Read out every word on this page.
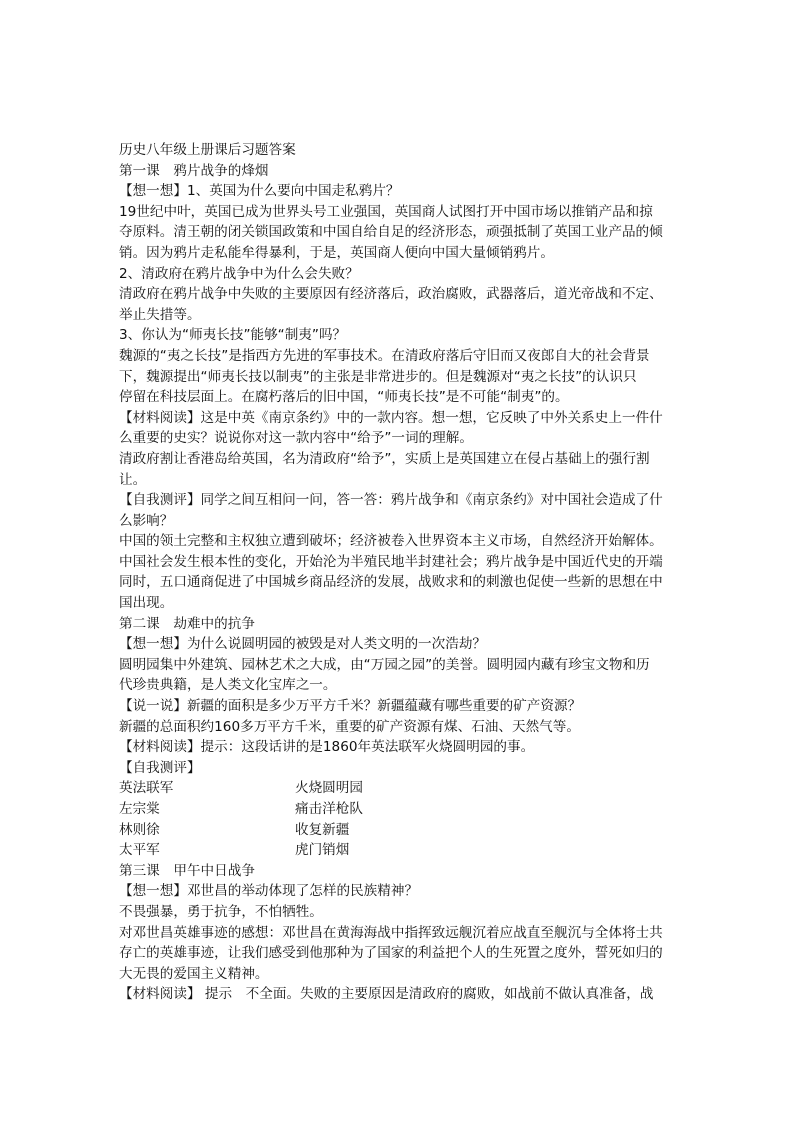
历史八年级上册课后习题答案
第一课　鸦片战争的烽烟
【想一想】1、英国为什么要向中国走私鸦片？
19世纪中叶，英国已成为世界头号工业强国，英国商人试图打开中国市场以推销产品和掠
夺原料。清王朝的闭关锁国政策和中国自给自足的经济形态，顽强抵制了英国工业产品的倾
销。因为鸦片走私能牟得暴利，于是，英国商人便向中国大量倾销鸦片。
2、清政府在鸦片战争中为什么会失败？
清政府在鸦片战争中失败的主要原因有经济落后，政治腐败，武器落后，道光帝战和不定、
举止失措等。
3、你认为“师夷长技”能够“制夷”吗？
魏源的“夷之长技”是指西方先进的军事技术。在清政府落后守旧而又夜郎自大的社会背景
下，魏源提出“师夷长技以制夷”的主张是非常进步的。但是魏源对“夷之长技”的认识只
停留在科技层面上。在腐朽落后的旧中国，“师夷长技”是不可能“制夷”的。
【材料阅读】这是中英《南京条约》中的一款内容。想一想，它反映了中外关系史上一件什
么重要的史实？说说你对这一款内容中“给予”一词的理解。
清政府割让香港岛给英国，名为清政府“给予”，实质上是英国建立在侵占基础上的强行割
让。
【自我测评】同学之间互相问一问，答一答：鸦片战争和《南京条约》对中国社会造成了什
么影响？
中国的领土完整和主权独立遭到破坏；经济被卷入世界资本主义市场，自然经济开始解体。
中国社会发生根本性的变化，开始沦为半殖民地半封建社会；鸦片战争是中国近代史的开端
同时，五口通商促进了中国城乡商品经济的发展，战败求和的刺激也促使一些新的思想在中
国出现。
第二课　劫难中的抗争
【想一想】为什么说圆明园的被毁是对人类文明的一次浩劫？
圆明园集中外建筑、园林艺术之大成，由“万园之园”的美誉。圆明园内藏有珍宝文物和历
代珍贵典籍，是人类文化宝库之一。
【说一说】新疆的面积是多少万平方千米？新疆蕴藏有哪些重要的矿产资源？
新疆的总面积约160多万平方千米，重要的矿产资源有煤、石油、天然气等。
【材料阅读】提示：这段话讲的是1860年英法联军火烧圆明园的事。
【自我测评】
英法联军	火烧圆明园
左宗棠	痛击洋枪队
林则徐	收复新疆
太平军	虎门销烟
第三课　甲午中日战争
【想一想】邓世昌的举动体现了怎样的民族精神？
不畏强暴，勇于抗争，不怕牺牲。
对邓世昌英雄事迹的感想：邓世昌在黄海海战中指挥致远舰沉着应战直至舰沉与全体将士共
存亡的英雄事迹，让我们感受到他那种为了国家的利益把个人的生死置之度外，誓死如归的
大无畏的爱国主义精神。
【材料阅读】 提示　不全面。失败的主要原因是清政府的腐败，如战前不做认真准备，战
